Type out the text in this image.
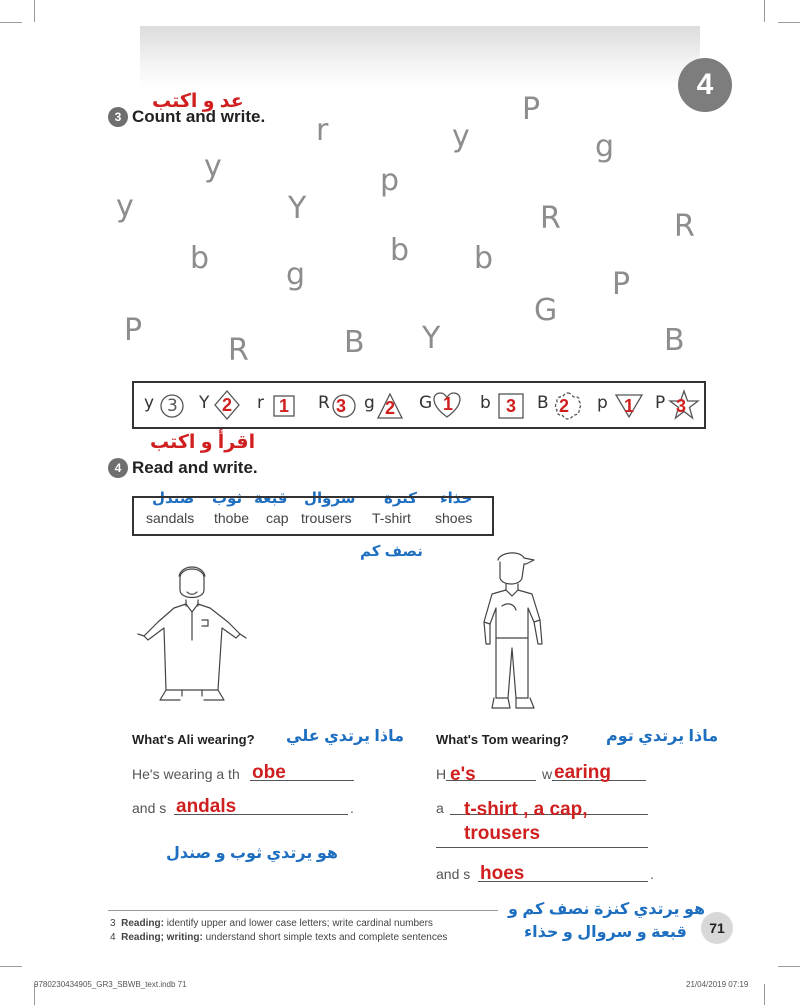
4
عد و اكتب
3 Count and write. r	y
P
g
y	p
y	Y	R	R
b	b b
g	P
G
P
R	B Y	B
y 3 Y 2 r 1 R 3 g 2 G 1 b 3 B 2 p 1 P 3
اقرأ و اكتب
4 Read and write.
صندل ثوب قبعة سروال كنزة حذاء
sandals thobe cap trousers T-shirt shoes
نصف كم
What's Ali wearing? ماذا يرتدي علي
He's wearing a th obe
and s andals	.
هو يرتدي ثوب و صندل
What's Tom wearing? ماذا يرتدي توم
H e's	w earing
a t-shirt , a cap,
trousers
and s hoes	.
هو يرتدي كنزة نصف كم و
قبعة و سروال و حذاء
3 Reading: identify upper and lower case letters; write cardinal numbers
4 Reading; writing: understand short simple texts and complete sentences
71
9780230434905_GR3_SBWB_text.indb 71	21/04/2019 07:19
